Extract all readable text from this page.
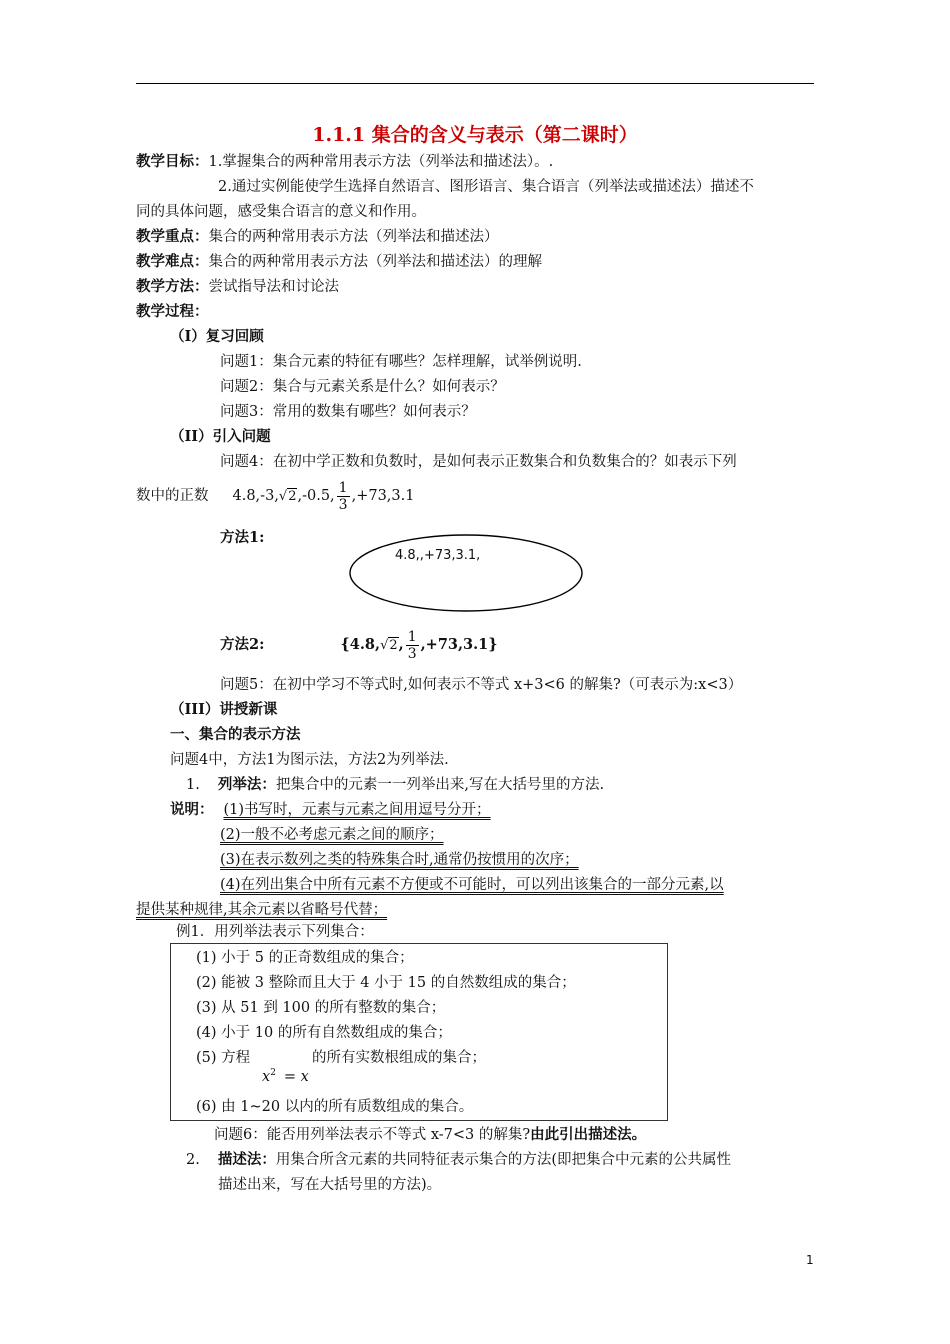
1.1.1 集合的含义与表示（第二课时）
教学目标：1.掌握集合的两种常用表示方法（列举法和描述法）。.
2.通过实例能使学生选择自然语言、图形语言、集合语言（列举法或描述法）描述不
同的具体问题，感受集合语言的意义和作用。
教学重点：集合的两种常用表示方法（列举法和描述法）
教学难点：集合的两种常用表示方法（列举法和描述法）的理解
教学方法：尝试指导法和讨论法
教学过程：
（I）复习回顾
问题1：集合元素的特征有哪些？怎样理解，试举例说明.
问题2：集合与元素关系是什么？如何表示？
问题3：常用的数集有哪些？如何表示？
（II）引入问题
问题4：在初中学正数和负数时，是如何表示正数集合和负数集合的？如表示下列
数中的正数 4.8,-3,√2,-0.5, $\frac{1}{3} ,+73,3.1$
方法1:
4.8,,+73,3.1,
方法2:	{4.8,√2, $\frac{1}{3} ,+73,3.1$}
问题5：在初中学习不等式时,如何表示不等式 x+3<6 的解集?（可表示为:x<3）
（III）讲授新课
一、集合的表示方法
问题4中，方法1为图示法，方法2为列举法.
1. 列举法：把集合中的元素一一列举出来,写在大括号里的方法.
说明： (1)书写时，元素与元素之间用逗号分开；
(2)一般不必考虑元素之间的顺序；
(3)在表示数列之类的特殊集合时,通常仍按惯用的次序；
(4)在列出集合中所有元素不方便或不可能时，可以列出该集合的一部分元素,以
提供某种规律,其余元素以省略号代替；
例1．用列举法表示下列集合：
(1) 小于 5 的正奇数组成的集合；
(2) 能被 3 整除而且大于 4 小于 15 的自然数组成的集合；
(3) 从 51 到 100 的所有整数的集合；
(4) 小于 10 的所有自然数组成的集合；
(5) 方程
$x^2 = x$
的所有实数根组成的集合；
(6) 由 1~20 以内的所有质数组成的集合。
问题6：能否用列举法表示不等式 x-7<3 的解集?由此引出描述法。
2. 描述法：用集合所含元素的共同特征表示集合的方法(即把集合中元素的公共属性
描述出来，写在大括号里的方法)。
1
